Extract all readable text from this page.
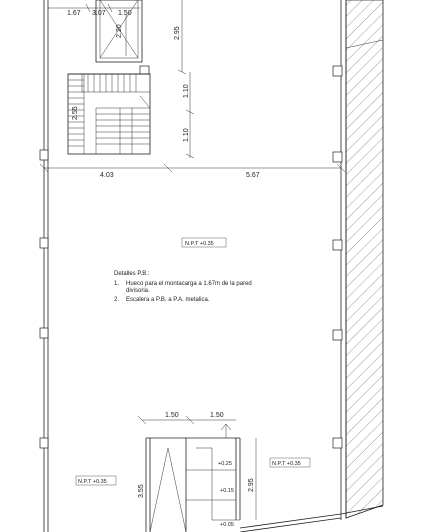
1.67 3.07 1.50
2.20	2.95
2.55
1.10
1.10
4.03	5.67
N.P.T +0.35
Detalles P.B.:
1. Hueco para el montacarga a 1.67m de la pared
divisoria.
2. Escalera a P.B. a P.A. metalica.
1.50	1.50
+0.25
+0.15
+0.05
3.55	2.95
N.P.T +0.35
N.P.T +0.35
